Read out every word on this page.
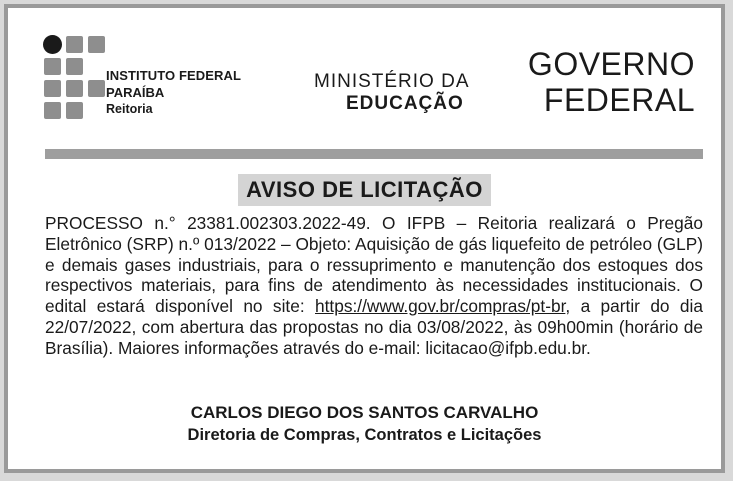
INSTITUTO FEDERAL
PARAÍBA
Reitoria
MINISTÉRIO DA
EDUCAÇÃO
GOVERNO
FEDERAL
AVISO DE LICITAÇÃO
PROCESSO n.° 23381.002303.2022-49. O IFPB – Reitoria realizará o Pregão Eletrônico (SRP) n.º 013/2022 – Objeto: Aquisição de gás liquefeito de petróleo (GLP) e demais gases industriais, para o ressuprimento e manutenção dos estoques dos respectivos materiais, para fins de atendimento às necessidades institucionais. O edital estará disponível no site: https://www.gov.br/compras/pt-br, a partir do dia 22/07/2022, com abertura das propostas no dia 03/08/2022, às 09h00min (horário de Brasília). Maiores informações através do e-mail: licitacao@ifpb.edu.br.
CARLOS DIEGO DOS SANTOS CARVALHO
Diretoria de Compras, Contratos e Licitações
